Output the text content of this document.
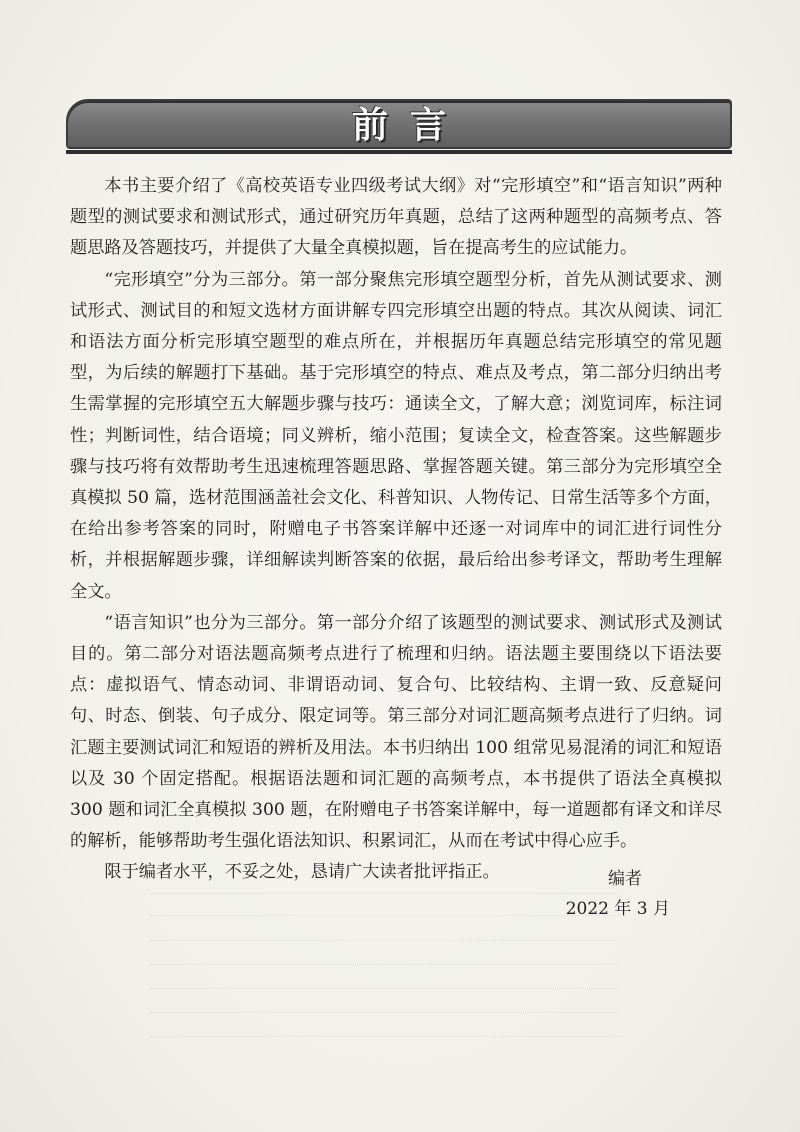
前言

本书主要介绍了《高校英语专业四级考试大纲》对“完形填空”和“语言知识”两种题型的测试要求和测试形式，通过研究历年真题，总结了这两种题型的高频考点、答题思路及答题技巧，并提供了大量全真模拟题，旨在提高考生的应试能力。

“完形填空”分为三部分。第一部分聚焦完形填空题型分析，首先从测试要求、测试形式、测试目的和短文选材方面讲解专四完形填空出题的特点。其次从阅读、词汇和语法方面分析完形填空题型的难点所在，并根据历年真题总结完形填空的常见题型，为后续的解题打下基础。基于完形填空的特点、难点及考点，第二部分归纳出考生需掌握的完形填空五大解题步骤与技巧：通读全文，了解大意；浏览词库，标注词性；判断词性，结合语境；同义辨析，缩小范围；复读全文，检查答案。这些解题步骤与技巧将有效帮助考生迅速梳理答题思路、掌握答题关键。第三部分为完形填空全真模拟 50 篇，选材范围涵盖社会文化、科普知识、人物传记、日常生活等多个方面，在给出参考答案的同时，附赠电子书答案详解中还逐一对词库中的词汇进行词性分析，并根据解题步骤，详细解读判断答案的依据，最后给出参考译文，帮助考生理解全文。

“语言知识”也分为三部分。第一部分介绍了该题型的测试要求、测试形式及测试目的。第二部分对语法题高频考点进行了梳理和归纳。语法题主要围绕以下语法要点：虚拟语气、情态动词、非谓语动词、复合句、比较结构、主谓一致、反意疑问句、时态、倒装、句子成分、限定词等。第三部分对词汇题高频考点进行了归纳。词汇题主要测试词汇和短语的辨析及用法。本书归纳出 100 组常见易混淆的词汇和短语以及 30 个固定搭配。根据语法题和词汇题的高频考点，本书提供了语法全真模拟 300 题和词汇全真模拟 300 题，在附赠电子书答案详解中，每一道题都有译文和详尽的解析，能够帮助考生强化语法知识、积累词汇，从而在考试中得心应手。

限于编者水平，不妥之处，恳请广大读者批评指正。	编者
2022 年 3 月
